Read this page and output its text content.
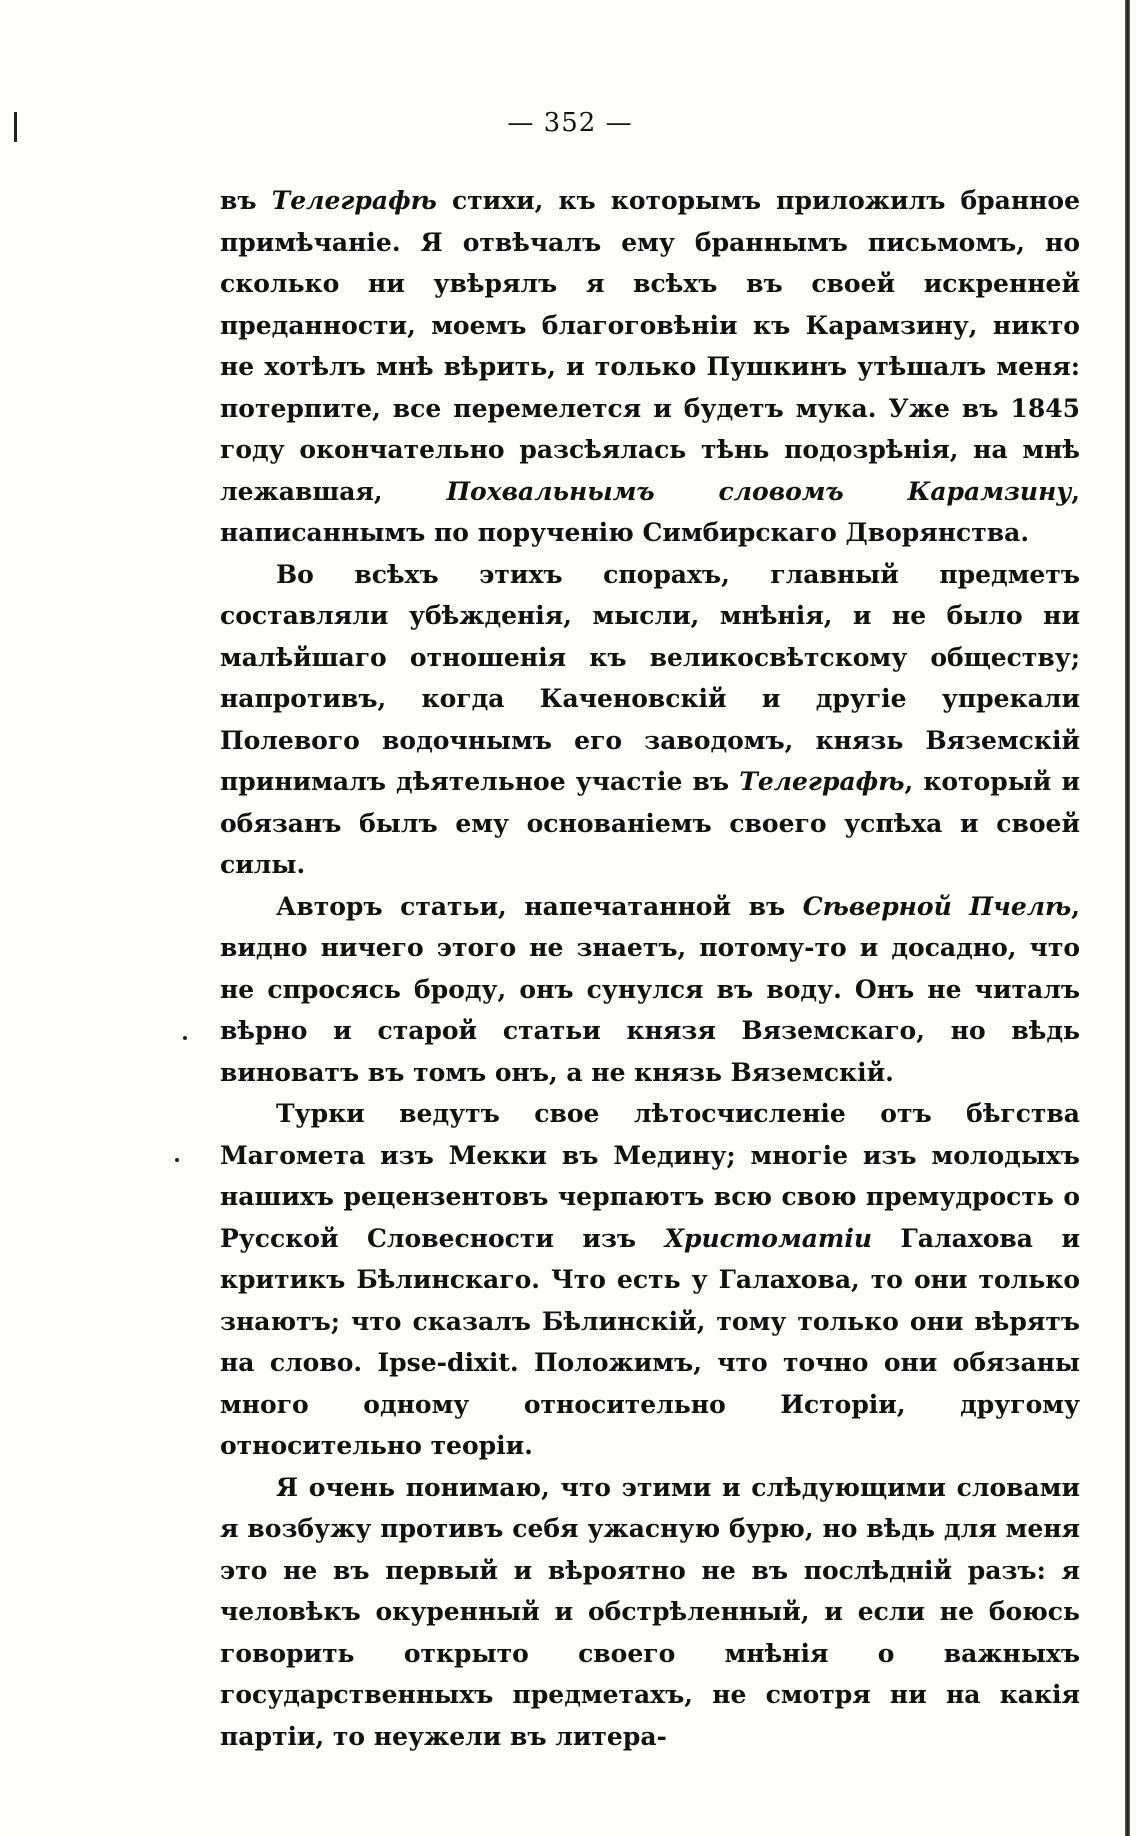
— 352 —

въ Телеграфѣ стихи, къ которымъ приложилъ бранное примѣчаніе. Я отвѣчалъ ему браннымъ письмомъ, но сколько ни увѣрялъ я всѣхъ въ своей искренней преданности, моемъ благоговѣніи къ Карамзину, никто не хотѣлъ мнѣ вѣрить, и только Пушкинъ утѣшалъ меня: потерпите, все перемелется и будетъ мука. Уже въ 1845 году окончательно разсѣялась тѣнь подозрѣнія, на мнѣ лежавшая, Похвальнымъ словомъ Карамзину, написаннымъ по порученію Симбирскаго Дворянства.

Во всѣхъ этихъ спорахъ, главный предметъ составляли убѣжденія, мысли, мнѣнія, и не было ни малѣйшаго отношенія къ великосвѣтскому обществу; напротивъ, когда Каченовскій и другіе упрекали Полевого водочнымъ его заводомъ, князь Вяземскій принималъ дѣятельное участіе въ Телеграфѣ, который и обязанъ былъ ему основаніемъ своего успѣха и своей силы.

Авторъ статьи, напечатанной въ Сѣверной Пчелѣ, видно ничего этого не знаетъ, потому-то и досадно, что не спросясь броду, онъ сунулся въ воду. Онъ не читалъ вѣрно и старой статьи князя Вяземскаго, но вѣдь виноватъ въ томъ онъ, а не князь Вяземскій.

Турки ведутъ свое лѣтосчисленіе отъ бѣгства Магомета изъ Мекки въ Медину; многіе изъ молодыхъ нашихъ рецензентовъ черпаютъ всю свою премудрость о Русской Словесности изъ Христоматіи Галахова и критикъ Бѣлинскаго. Что есть у Галахова, то они только знаютъ; что сказалъ Бѣлинскій, тому только они вѣрятъ на слово. Ipse-dixit. Положимъ, что точно они обязаны много одному относительно Исторіи, другому относительно теоріи.

Я очень понимаю, что этими и слѣдующими словами я возбужу противъ себя ужасную бурю, но вѣдь для меня это не въ первый и вѣроятно не въ послѣдній разъ: я человѣкъ окуренный и обстрѣленный, и если не боюсь говорить открыто своего мнѣнія о важныхъ государственныхъ предметахъ, не смотря ни на какія партіи, то неужели въ литера-
